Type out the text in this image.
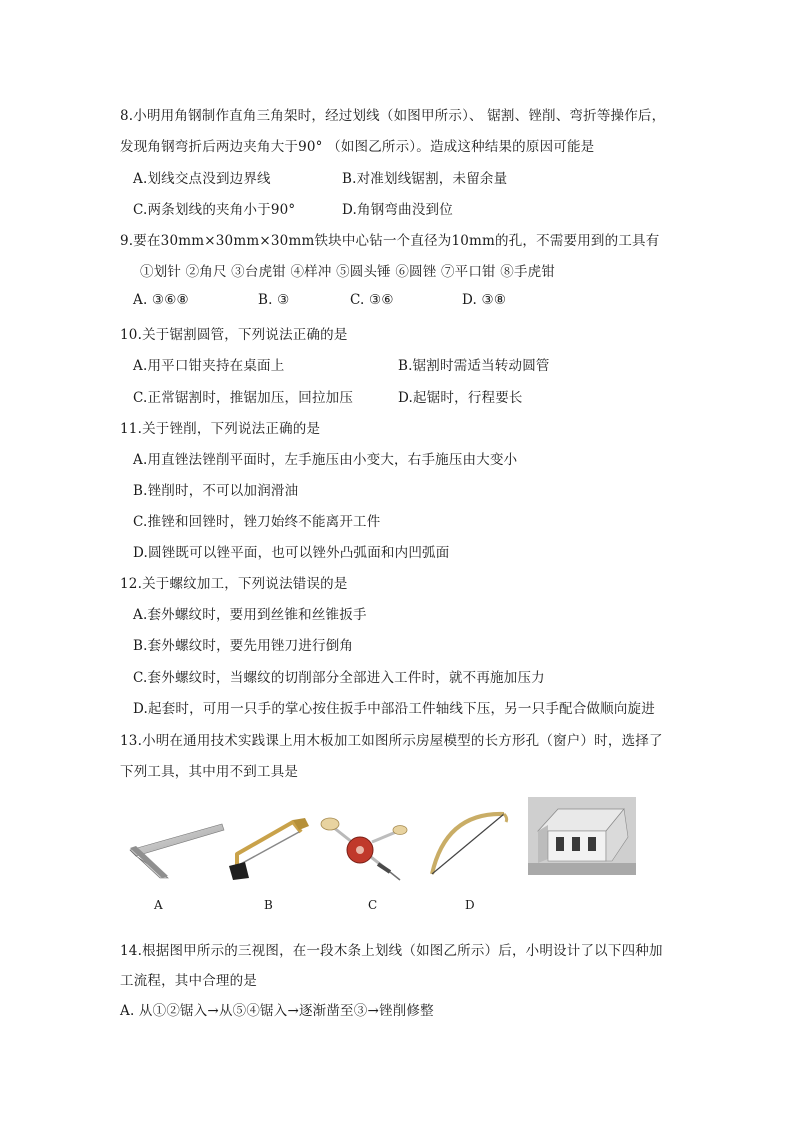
8.小明用角钢制作直角三角架时，经过划线（如图甲所示）、 锯割、锉削、弯折等操作后，
发现角钢弯折后两边夹角大于90° （如图乙所示）。造成这种结果的原因可能是
A.划线交点没到边界线	B.对准划线锯割，未留余量
C.两条划线的夹角小于90°	D.角钢弯曲没到位
9.要在30mm×30mm×30mm铁块中心钻一个直径为10mm的孔，不需要用到的工具有
①划针 ②角尺 ③台虎钳 ④样冲 ⑤圆头锤 ⑥圆锉 ⑦平口钳 ⑧手虎钳
A. ③⑥⑧	B. ③	C. ③⑥	D. ③⑧
10.关于锯割圆管，下列说法正确的是
A.用平口钳夹持在桌面上	B.锯割时需适当转动圆管
C.正常锯割时，推锯加压，回拉加压	D.起锯时，行程要长
11.关于锉削，下列说法正确的是
A.用直锉法锉削平面时，左手施压由小变大，右手施压由大变小
B.锉削时，不可以加润滑油
C.推锉和回锉时，锉刀始终不能离开工件
D.圆锉既可以锉平面，也可以锉外凸弧面和内凹弧面
12.关于螺纹加工，下列说法错误的是
A.套外螺纹时，要用到丝锥和丝锥扳手
B.套外螺纹时，要先用锉刀进行倒角
C.套外螺纹时，当螺纹的切削部分全部进入工件时，就不再施加压力
D.起套时，可用一只手的掌心按住扳手中部沿工件轴线下压，另一只手配合做顺向旋进
13.小明在通用技术实践课上用木板加工如图所示房屋模型的长方形孔（窗户）时，选择了
下列工具，其中用不到工具是
A	B	C	D
14.根据图甲所示的三视图，在一段木条上划线（如图乙所示）后，小明设计了以下四种加
工流程，其中合理的是
A. 从①②锯入→从⑤④锯入→逐渐凿至③→锉削修整
